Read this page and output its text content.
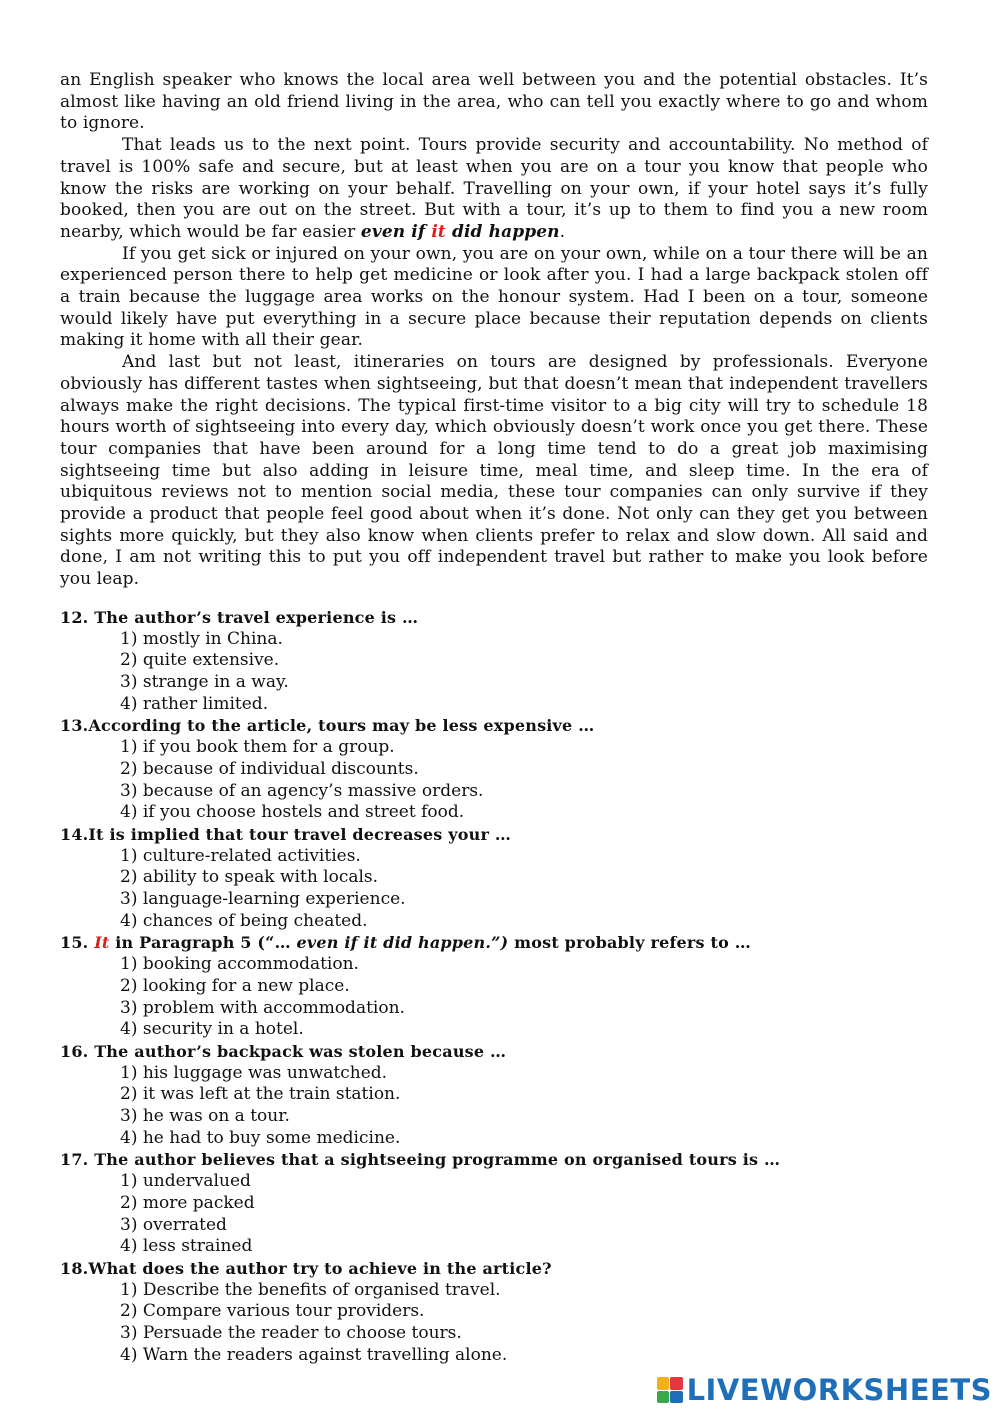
an English speaker who knows the local area well between you and the potential obstacles. It’s almost like having an old friend living in the area, who can tell you exactly where to go and whom to ignore.

That leads us to the next point. Tours provide security and accountability. No method of travel is 100% safe and secure, but at least when you are on a tour you know that people who know the risks are working on your behalf. Travelling on your own, if your hotel says it’s fully booked, then you are out on the street. But with a tour, it’s up to them to find you a new room nearby, which would be far easier even if it did happen.

If you get sick or injured on your own, you are on your own, while on a tour there will be an experienced person there to help get medicine or look after you. I had a large backpack stolen off a train because the luggage area works on the honour system. Had I been on a tour, someone would likely have put everything in a secure place because their reputation depends on clients making it home with all their gear.

And last but not least, itineraries on tours are designed by professionals. Everyone obviously has different tastes when sightseeing, but that doesn’t mean that independent travellers always make the right decisions. The typical first-time visitor to a big city will try to schedule 18 hours worth of sightseeing into every day, which obviously doesn’t work once you get there. These tour companies that have been around for a long time tend to do a great job maximising sightseeing time but also adding in leisure time, meal time, and sleep time. In the era of ubiquitous reviews not to mention social media, these tour companies can only survive if they provide a product that people feel good about when it’s done. Not only can they get you between sights more quickly, but they also know when clients prefer to relax and slow down. All said and done, I am not writing this to put you off independent travel but rather to make you look before you leap.

12. The author’s travel experience is …
1) mostly in China.
2) quite extensive.
3) strange in a way.
4) rather limited.
13.According to the article, tours may be less expensive …
1) if you book them for a group.
2) because of individual discounts.
3) because of an agency’s massive orders.
4) if you choose hostels and street food.
14.It is implied that tour travel decreases your …
1) culture-related activities.
2) ability to speak with locals.
3) language-learning experience.
4) chances of being cheated.
15. It in Paragraph 5 (“… even if it did happen.”) most probably refers to …
1) booking accommodation.
2) looking for a new place.
3) problem with accommodation.
4) security in a hotel.
16. The author’s backpack was stolen because …
1) his luggage was unwatched.
2) it was left at the train station.
3) he was on a tour.
4) he had to buy some medicine.
17. The author believes that a sightseeing programme on organised tours is …
1) undervalued
2) more packed
3) overrated
4) less strained
18.What does the author try to achieve in the article?
1) Describe the benefits of organised travel.
2) Compare various tour providers.
3) Persuade the reader to choose tours.
4) Warn the readers against travelling alone.
LIVEWORKSHEETS
